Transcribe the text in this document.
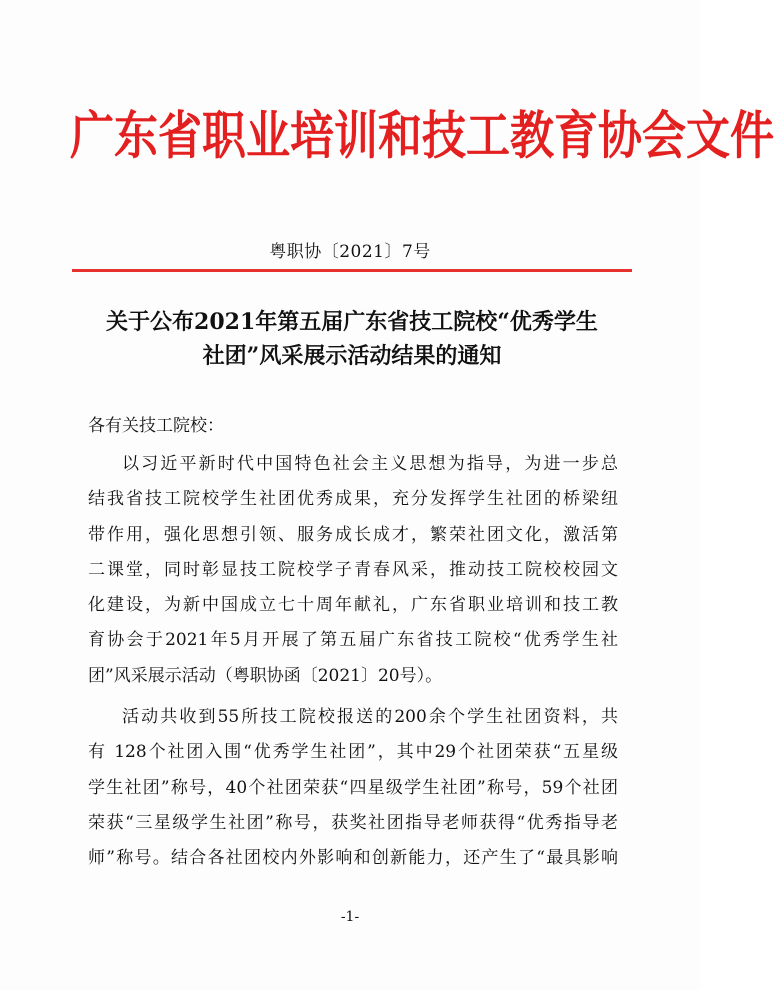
广东省职业培训和技工教育协会文件
粤职协〔2021〕7号
关于公布2021年第五届广东省技工院校“优秀学生
社团”风采展示活动结果的通知
各有关技工院校：
以习近平新时代中国特色社会主义思想为指导，为进一步总
结我省技工院校学生社团优秀成果，充分发挥学生社团的桥梁纽
带作用，强化思想引领、服务成长成才，繁荣社团文化，激活第
二课堂，同时彰显技工院校学子青春风采，推动技工院校校园文
化建设，为新中国成立七十周年献礼，广东省职业培训和技工教
育协会于2021年5月开展了第五届广东省技工院校“优秀学生社
团”风采展示活动（粤职协函〔2021〕20号）。
活动共收到55所技工院校报送的200余个学生社团资料，共
有 128个社团入围“优秀学生社团”，其中29个社团荣获“五星级
学生社团”称号，40个社团荣获“四星级学生社团”称号，59个社团
荣获“三星级学生社团”称号，获奖社团指导老师获得“优秀指导老
师”称号。结合各社团校内外影响和创新能力，还产生了“最具影响
-1-
